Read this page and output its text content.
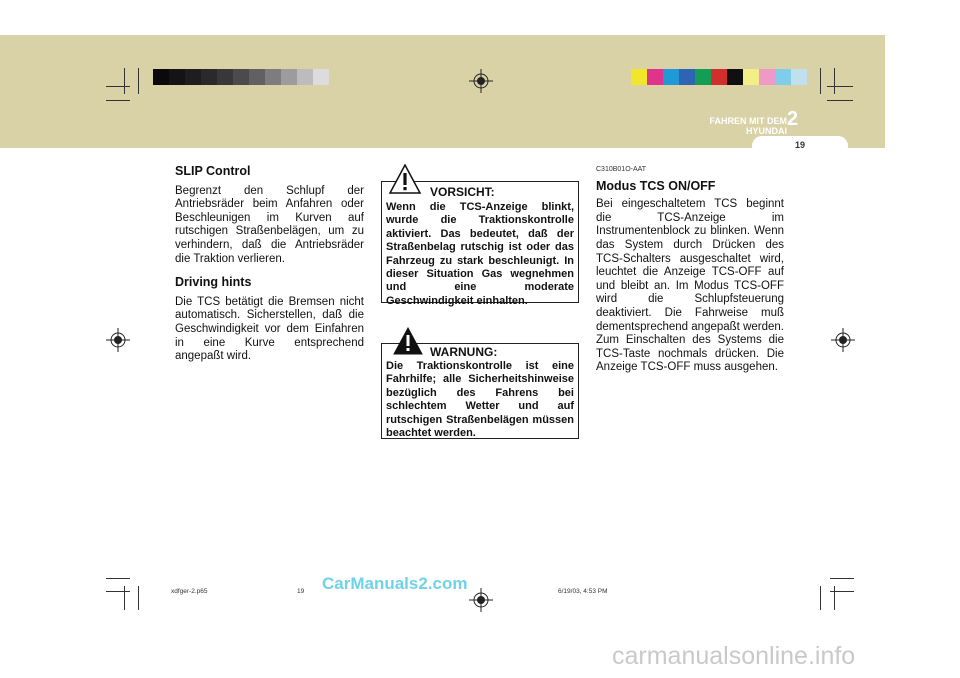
FAHREN MIT DEM HYUNDAI
2
19
SLIP Control

Begrenzt den Schlupf der Antriebsräder beim Anfahren oder Beschleunigen im Kurven auf rutschigen Straßenbelägen, um zu verhindern, daß die Antriebsräder die Traktion verlieren.

Driving hints

Die TCS betätigt die Bremsen nicht automatisch. Sicherstellen, daß die Geschwindigkeit vor dem Einfahren in eine Kurve entsprechend angepaßt wird.

VORSICHT:
Wenn die TCS-Anzeige blinkt, wurde die Traktionskontrolle aktiviert. Das bedeutet, daß der Straßenbelag rutschig ist oder das Fahrzeug zu stark beschleunigt. In dieser Situation Gas wegnehmen und eine moderate Geschwindigkeit einhalten.
WARNUNG:
Die Traktionskontrolle ist eine Fahrhilfe; alle Sicherheitshinweise bezüglich des Fahrens bei schlechtem Wetter und auf rutschigen Straßenbelägen müssen beachtet werden.
C310B01O-AAT
Modus TCS ON/OFF

Bei eingeschaltetem TCS beginnt die TCS-Anzeige im Instrumentenblock zu blinken. Wenn das System durch Drücken des TCS-Schalters ausgeschaltet wird, leuchtet die Anzeige TCS-OFF auf und bleibt an. Im Modus TCS-OFF wird die Schlupfsteuerung deaktiviert. Die Fahrweise muß dementsprechend angepaßt werden. Zum Einschalten des Systems die TCS-Taste nochmals drücken. Die Anzeige TCS-OFF muss ausgehen.

xdfger-2.p65	19	6/19/03, 4:53 PM
CarManuals2.com
carmanualsonline.info
